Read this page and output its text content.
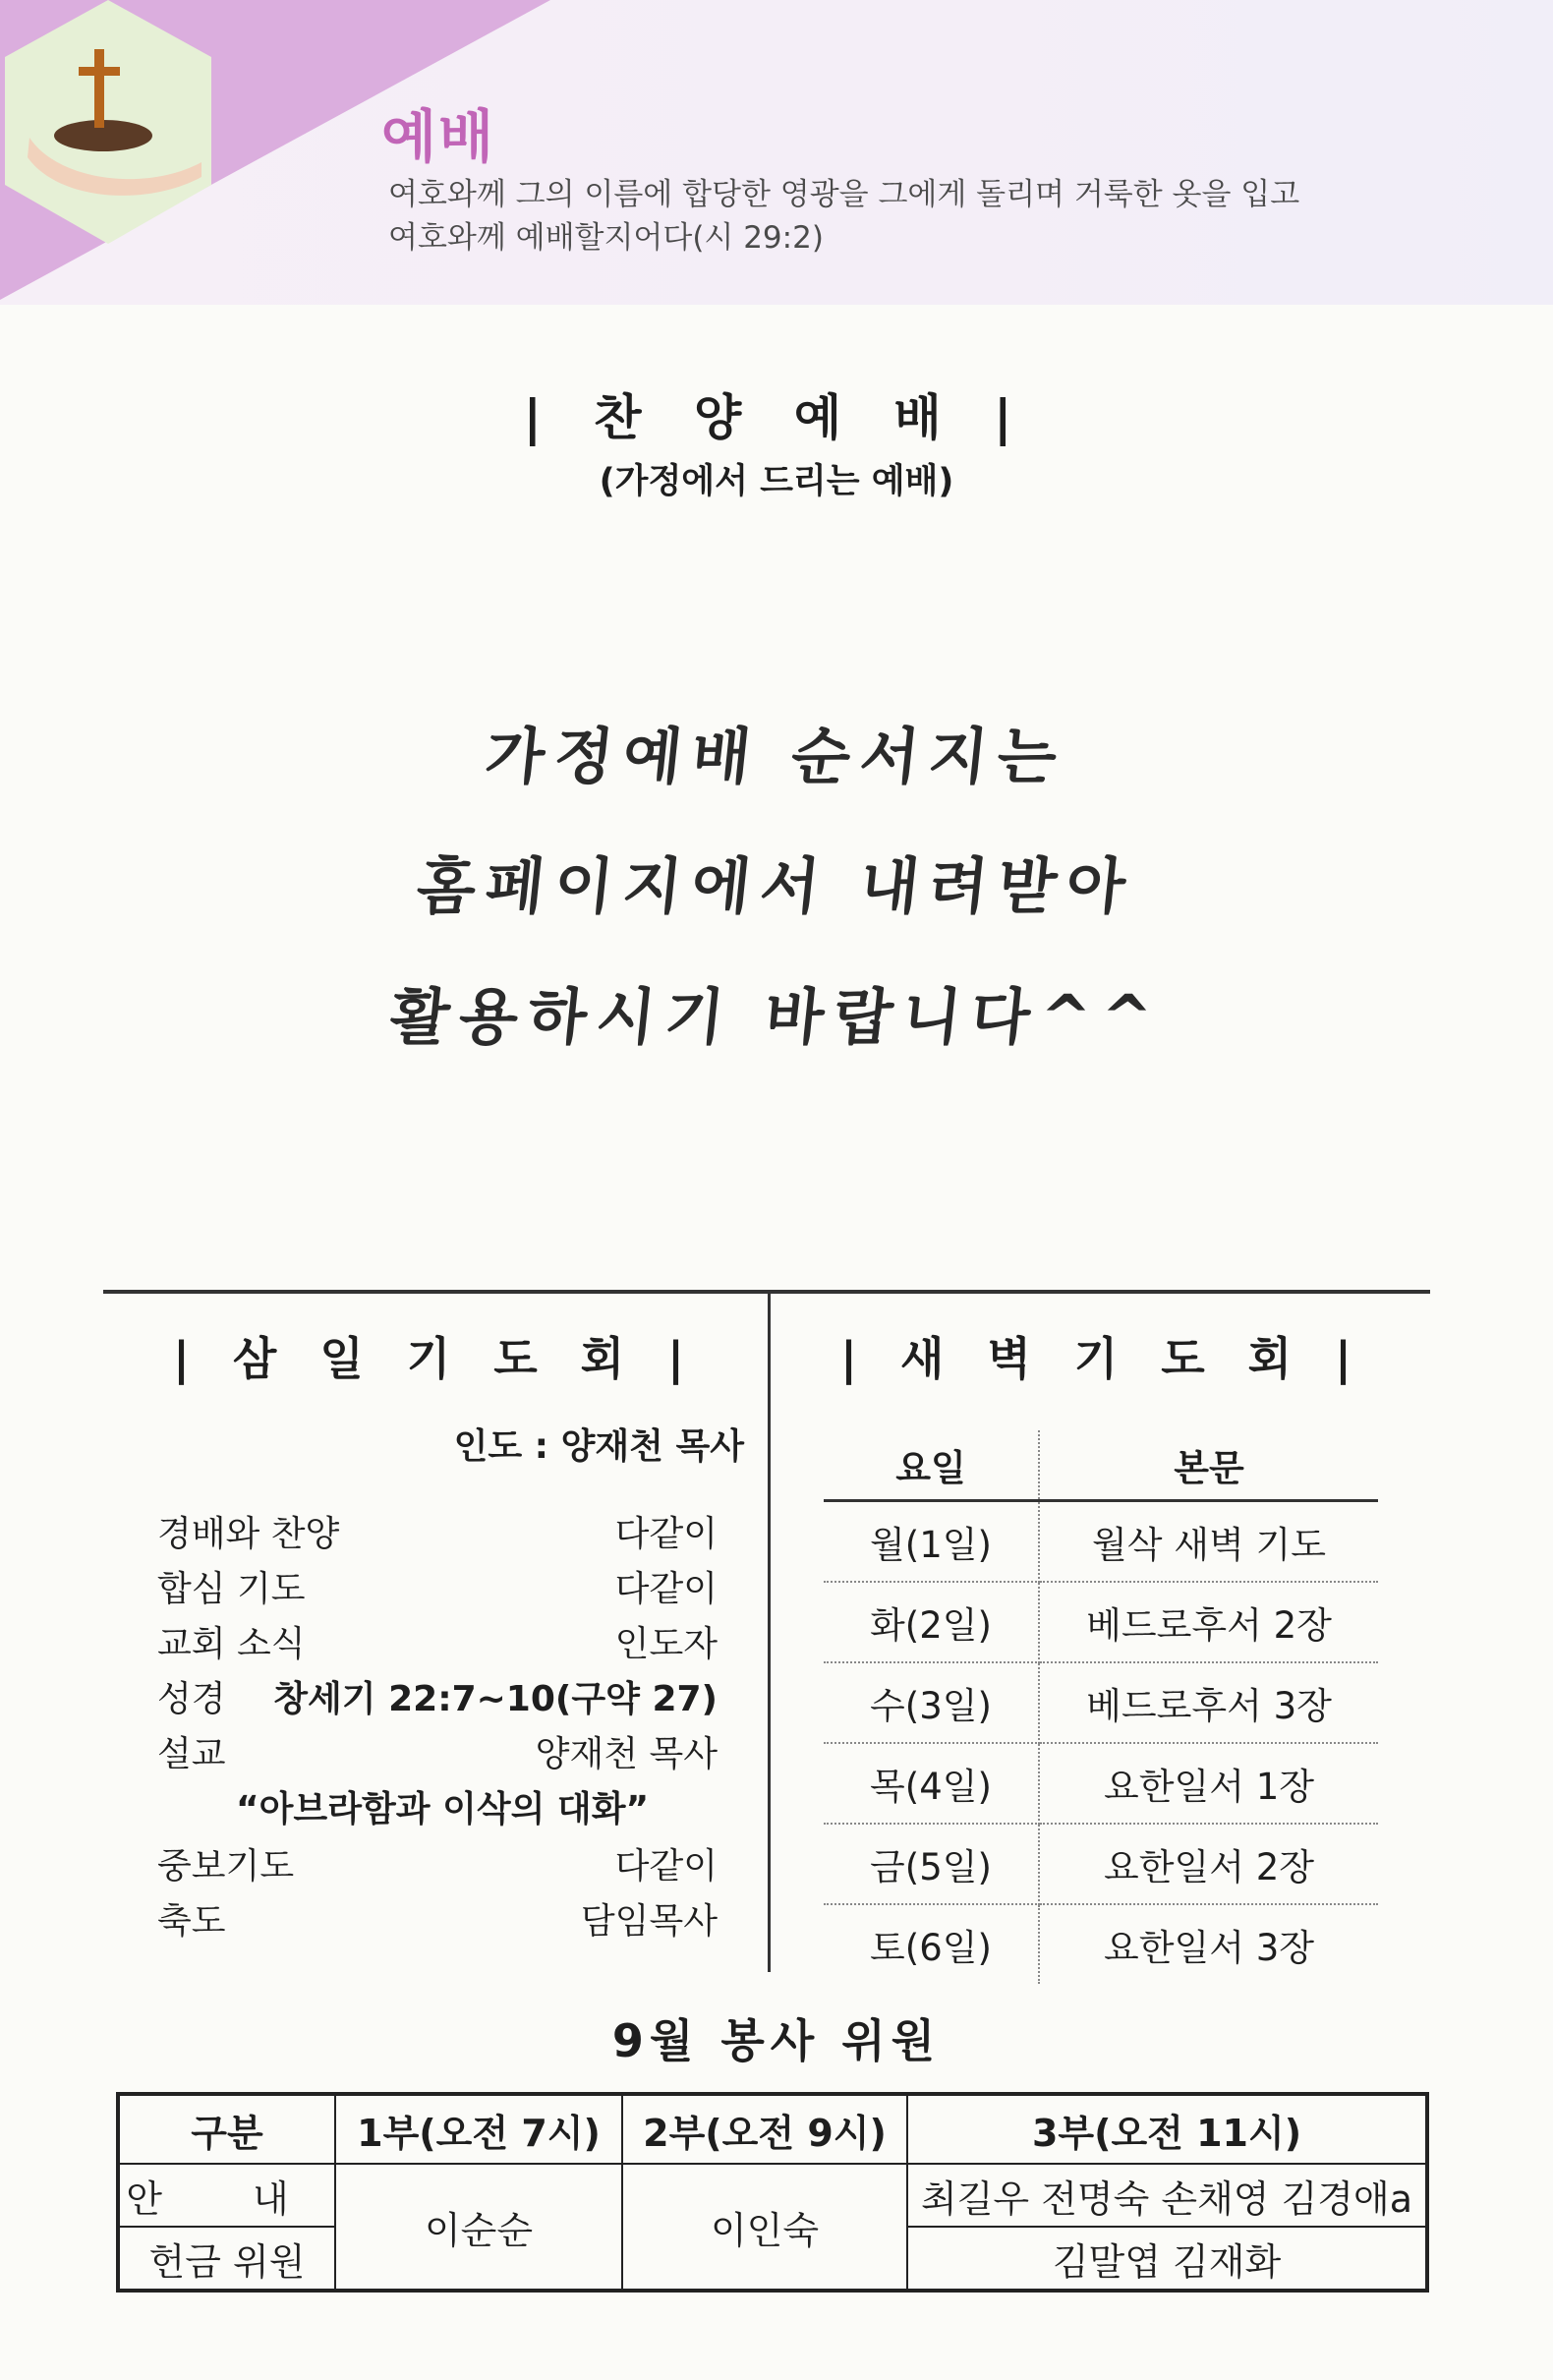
예배
여호와께 그의 이름에 합당한 영광을 그에게 돌리며 거룩한 옷을 입고
여호와께 예배할지어다(시 29:2)
| 찬 양 예 배 |
(가정에서 드리는 예배)
가정예배 순서지는
홈페이지에서 내려받아
활용하시기 바랍니다^^
| 삼 일 기 도 회 |
인도 : 양재천 목사
경배와 찬양	다같이
합심 기도	다같이
교회 소식	인도자
성경 창세기 22:7~10(구약 27)
설교	양재천 목사
“아브라함과 이삭의 대화”
중보기도	다같이
축도	담임목사
| 새 벽 기 도 회 |
요일	본문
월(1일)	월삭 새벽 기도
화(2일)	베드로후서 2장
수(3일)	베드로후서 3장
목(4일)	요한일서 1장
금(5일)	요한일서 2장
토(6일)	요한일서 3장
9월 봉사 위원
구분	1부(오전 7시)	2부(오전 9시)	3부(오전 11시)
안 내	이순순	이인숙	최길우 전명숙 손채영 김경애a
헌금 위원			김말엽 김재화
